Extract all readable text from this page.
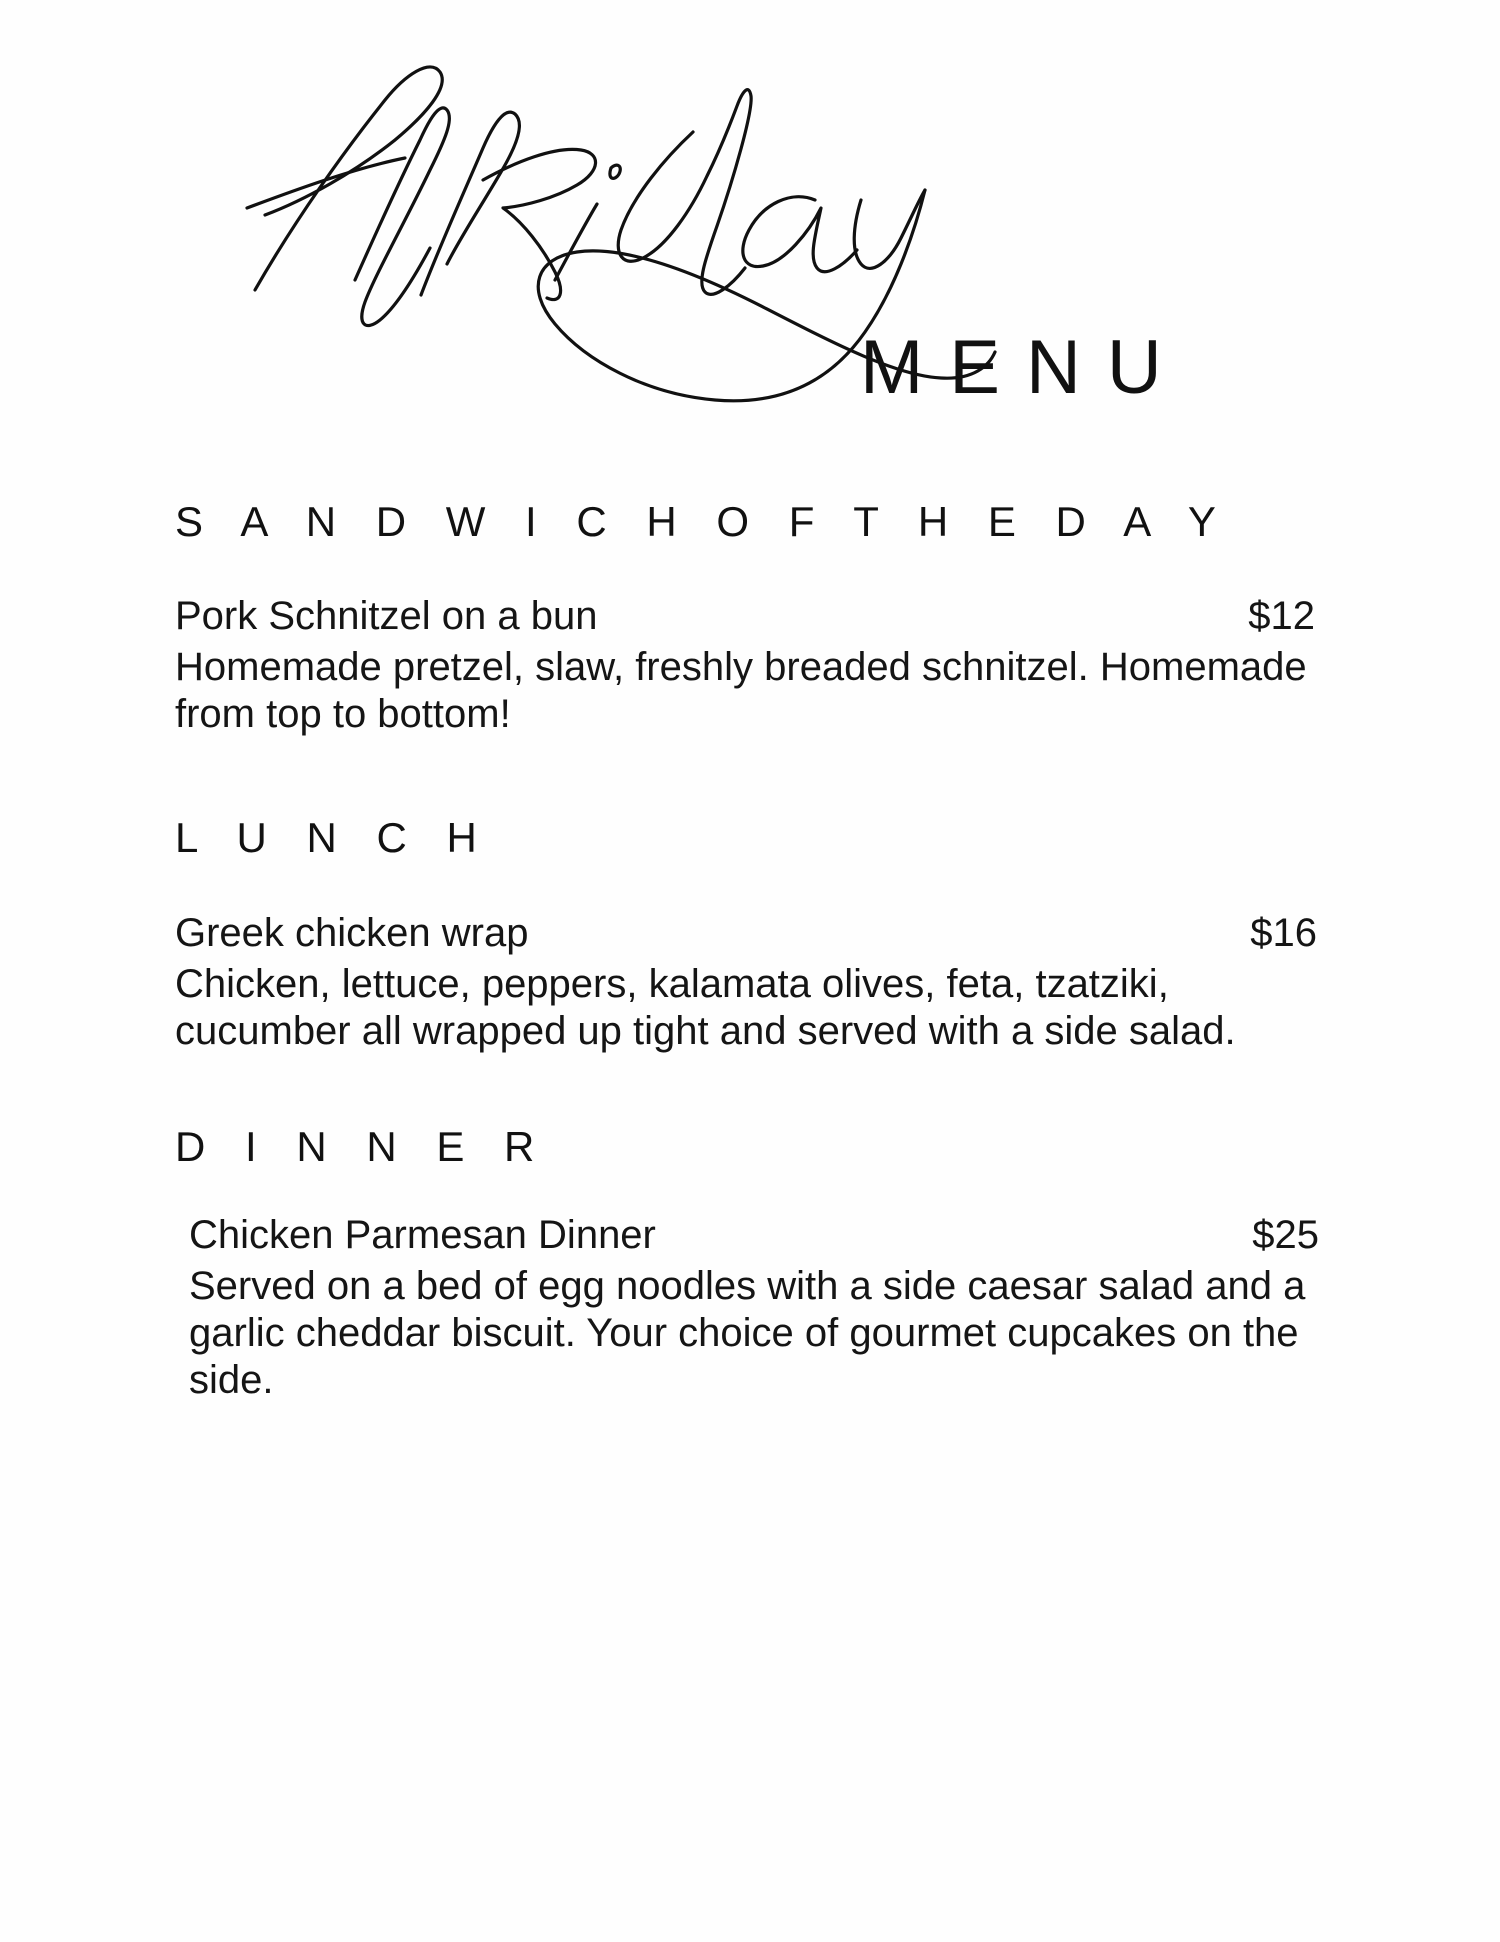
MENU
S A N D W I C H O F T H E D A Y
Pork Schnitzel on a bun	$12
Homemade pretzel, slaw, freshly breaded schnitzel. Homemade from top to bottom!
L U N C H
Greek chicken wrap	$16
Chicken, lettuce, peppers, kalamata olives, feta, tzatziki, cucumber all wrapped up tight and served with a side salad.
D I N N E R
Chicken Parmesan Dinner	$25
Served on a bed of egg noodles with a side caesar salad and a garlic cheddar biscuit. Your choice of gourmet cupcakes on the side.
